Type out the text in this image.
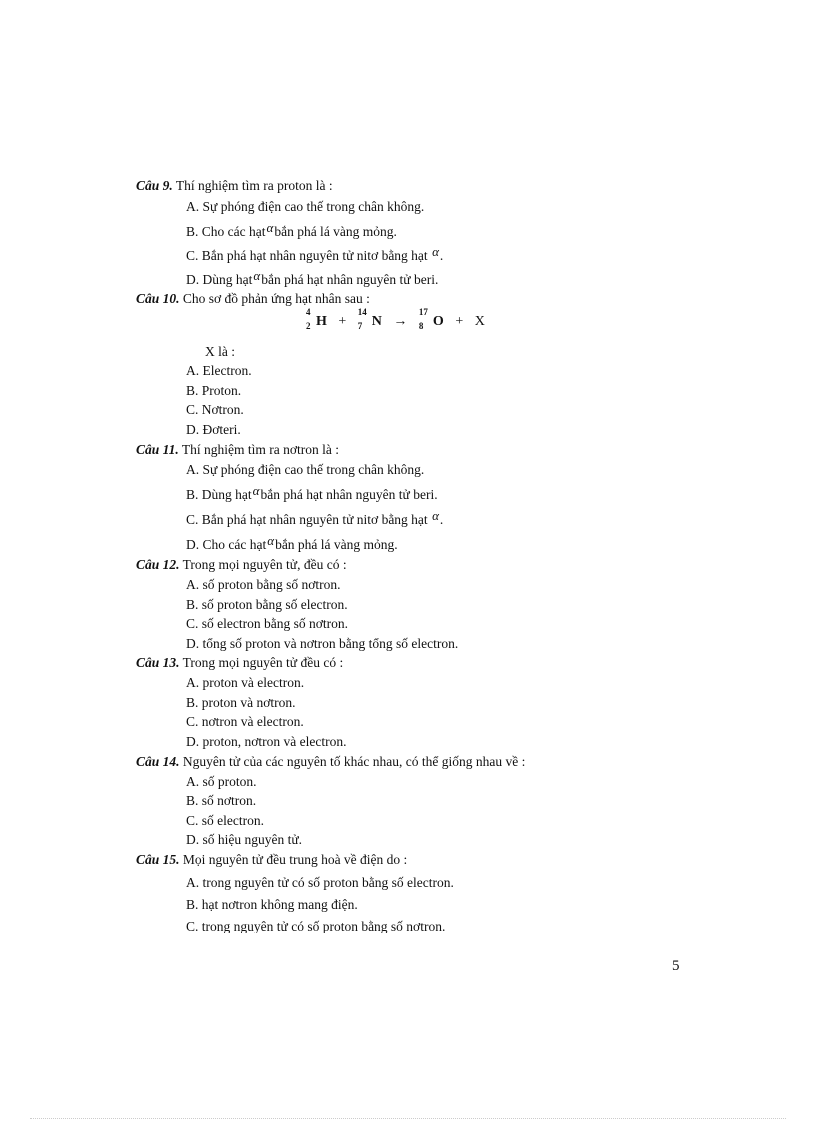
Câu 9. Thí nghiệm tìm ra proton là :
A. Sự phóng điện cao thế trong chân không.
B. Cho các hạtαbắn phá lá vàng mỏng.
C. Bắn phá hạt nhân nguyên tử nitơ bằng hạt α.
D. Dùng hạtαbắn phá hạt nhân nguyên tử beri.
Câu 10. Cho sơ đồ phản ứng hạt nhân sau :
4
2 H +
14
7 N →
17
8 O + X
X là :
A. Electron.
B. Proton.
C. Nơtron.
D. Đơteri.
Câu 11. Thí nghiệm tìm ra nơtron là :
A. Sự phóng điện cao thế trong chân không.
B. Dùng hạtαbắn phá hạt nhân nguyên tử beri.
C. Bắn phá hạt nhân nguyên tử nitơ bằng hạt α.
D. Cho các hạtαbắn phá lá vàng mỏng.
Câu 12. Trong mọi nguyên tử, đều có :
A. số proton bằng số nơtron.
B. số proton bằng số electron.
C. số electron bằng số nơtron.
D. tổng số proton và nơtron bằng tổng số electron.
Câu 13. Trong mọi nguyên tử đều có :
A. proton và electron.
B. proton và nơtron.
C. nơtron và electron.
D. proton, nơtron và electron.
Câu 14. Nguyên tử của các nguyên tố khác nhau, có thể giống nhau về :
A. số proton.
B. số nơtron.
C. số electron.
D. số hiệu nguyên tử.
Câu 15. Mọi nguyên tử đều trung hoà về điện do :
A. trong nguyên tử có số proton bằng số electron.
B. hạt nơtron không mang điện.
C. trong nguyên tử có số proton bằng số nơtron.
5
